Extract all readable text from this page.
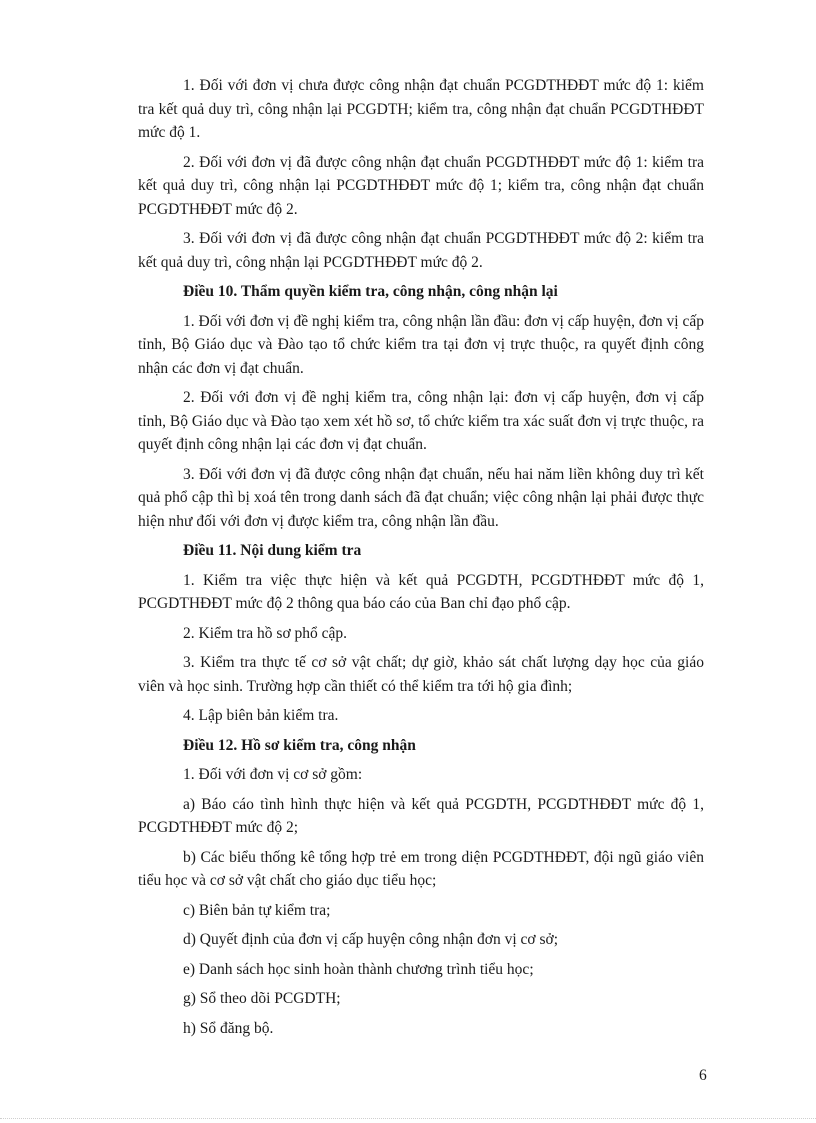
1. Đối với đơn vị chưa được công nhận đạt chuẩn PCGDTHĐĐT mức độ 1: kiểm tra kết quả duy trì, công nhận lại PCGDTH; kiểm tra, công nhận đạt chuẩn PCGDTHĐĐT mức độ 1.

2. Đối với đơn vị đã được công nhận đạt chuẩn PCGDTHĐĐT mức độ 1: kiểm tra kết quả duy trì, công nhận lại PCGDTHĐĐT mức độ 1; kiểm tra, công nhận đạt chuẩn PCGDTHĐĐT mức độ 2.

3. Đối với đơn vị đã được công nhận đạt chuẩn PCGDTHĐĐT mức độ 2: kiểm tra kết quả duy trì, công nhận lại PCGDTHĐĐT mức độ 2.

Điều 10. Thẩm quyền kiểm tra, công nhận, công nhận lại

1. Đối với đơn vị đề nghị kiểm tra, công nhận lần đầu: đơn vị cấp huyện, đơn vị cấp tỉnh, Bộ Giáo dục và Đào tạo tổ chức kiểm tra tại đơn vị trực thuộc, ra quyết định công nhận các đơn vị đạt chuẩn.

2. Đối với đơn vị đề nghị kiểm tra, công nhận lại: đơn vị cấp huyện, đơn vị cấp tỉnh, Bộ Giáo dục và Đào tạo xem xét hồ sơ, tổ chức kiểm tra xác suất đơn vị trực thuộc, ra quyết định công nhận lại các đơn vị đạt chuẩn.

3. Đối với đơn vị đã được công nhận đạt chuẩn, nếu hai năm liền không duy trì kết quả phổ cập thì bị xoá tên trong danh sách đã đạt chuẩn; việc công nhận lại phải được thực hiện như đối với đơn vị được kiểm tra, công nhận lần đầu.

Điều 11. Nội dung kiểm tra

1. Kiểm tra việc thực hiện và kết quả PCGDTH, PCGDTHĐĐT mức độ 1, PCGDTHĐĐT mức độ 2 thông qua báo cáo của Ban chỉ đạo phổ cập.

2. Kiểm tra hồ sơ phổ cập.

3. Kiểm tra thực tế cơ sở vật chất; dự giờ, khảo sát chất lượng dạy học của giáo viên và học sinh. Trường hợp cần thiết có thể kiểm tra tới hộ gia đình;

4. Lập biên bản kiểm tra.

Điều 12. Hồ sơ kiểm tra, công nhận

1. Đối với đơn vị cơ sở gồm:

a) Báo cáo tình hình thực hiện và kết quả PCGDTH, PCGDTHĐĐT mức độ 1, PCGDTHĐĐT mức độ 2;

b) Các biểu thống kê tổng hợp trẻ em trong diện PCGDTHĐĐT, đội ngũ giáo viên tiểu học và cơ sở vật chất cho giáo dục tiểu học;

c) Biên bản tự kiểm tra;

d) Quyết định của đơn vị cấp huyện công nhận đơn vị cơ sở;

e) Danh sách học sinh hoàn thành chương trình tiểu học;

g) Sổ theo dõi PCGDTH;

h) Sổ đăng bộ.

6
